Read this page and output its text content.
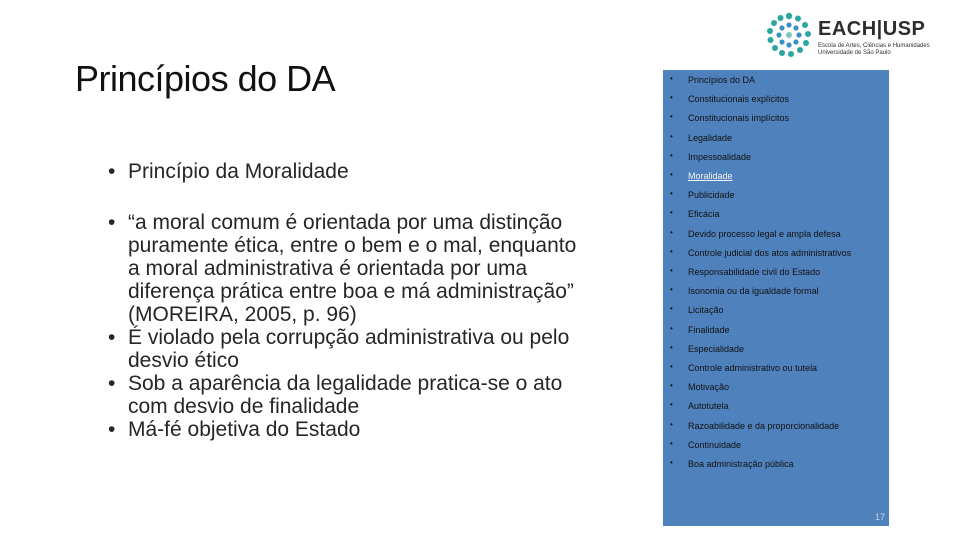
Princípios do DA
• Princípio da Moralidade
• “a moral comum é orientada por uma distinção
puramente ética, entre o bem e o mal, enquanto
a moral administrativa é orientada por uma
diferença prática entre boa e má administração”
(MOREIRA, 2005, p. 96)
• É violado pela corrupção administrativa ou pelo
desvio ético
• Sob a aparência da legalidade pratica-se o ato
com desvio de finalidade
• Má-fé objetiva do Estado
EACH|USP
Escola de Artes, Ciências e Humanidades
Universidade de São Paulo
• Princípios do DA
• Constitucionais explícitos
• Constitucionais implícitos
• Legalidade
• Impessoalidade
• Moralidade
• Publicidade
• Eficácia
• Devido processo legal e ampla defesa
• Controle judicial dos atos administrativos
• Responsabilidade civil do Estado
• Isonomia ou da igualdade formal
• Licitação
• Finalidade
• Especialidade
• Controle administrativo ou tutela
• Motivação
• Autotutela
• Razoabilidade e da proporcionalidade
• Continuidade
• Boa administração pública
17
